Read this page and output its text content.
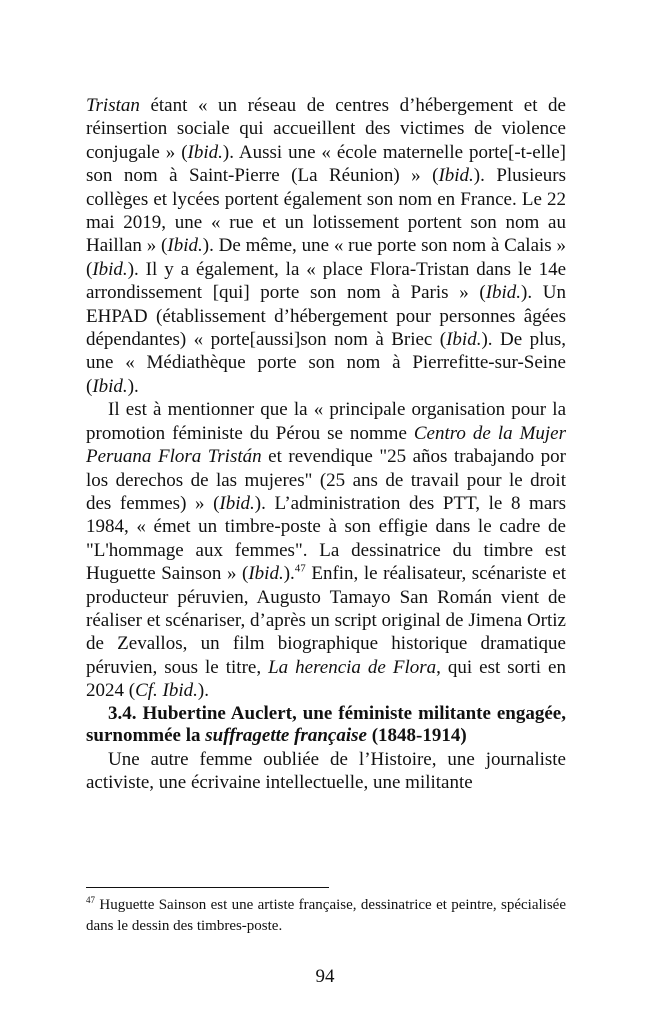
Tristan étant « un réseau de centres d’hébergement et de réinsertion sociale qui accueillent des victimes de violence conjugale » (Ibid.). Aussi une « école maternelle porte[-t-elle] son nom à Saint-Pierre (La Réunion) » (Ibid.). Plusieurs collèges et lycées portent également son nom en France. Le 22 mai 2019, une « rue et un lotissement portent son nom au Haillan » (Ibid.). De même, une « rue porte son nom à Calais » (Ibid.). Il y a également, la « place Flora-Tristan dans le 14e arrondissement [qui] porte son nom à Paris » (Ibid.). Un EHPAD (établissement d’hébergement pour personnes âgées dépendantes) « porte[aussi]son nom à Briec (Ibid.). De plus, une « Médiathèque porte son nom à Pierrefitte-sur-Seine (Ibid.).

Il est à mentionner que la « principale organisation pour la promotion féministe du Pérou se nomme Centro de la Mujer Peruana Flora Tristán et revendique "25 años trabajando por los derechos de las mujeres" (25 ans de travail pour le droit des femmes) » (Ibid.). L’administration des PTT, le 8 mars 1984, « émet un timbre-poste à son effigie dans le cadre de "L'hommage aux femmes". La dessinatrice du timbre est Huguette Sainson » (Ibid.).$^{47}$ Enfin, le réalisateur, scénariste et producteur péruvien, Augusto Tamayo San Román vient de réaliser et scénariser, d’après un script original de Jimena Ortiz de Zevallos, un film biographique historique dramatique péruvien, sous le titre, La herencia de Flora, qui est sorti en 2024 (Cf. Ibid.).

3.4. Hubertine Auclert, une féministe militante engagée, surnommée la suffragette française (1848-1914)

Une autre femme oubliée de l’Histoire, une journaliste activiste, une écrivaine intellectuelle, une militante

$^{47}$ Huguette Sainson est une artiste française, dessinatrice et peintre, spécialisée dans le dessin des timbres-poste.

94
